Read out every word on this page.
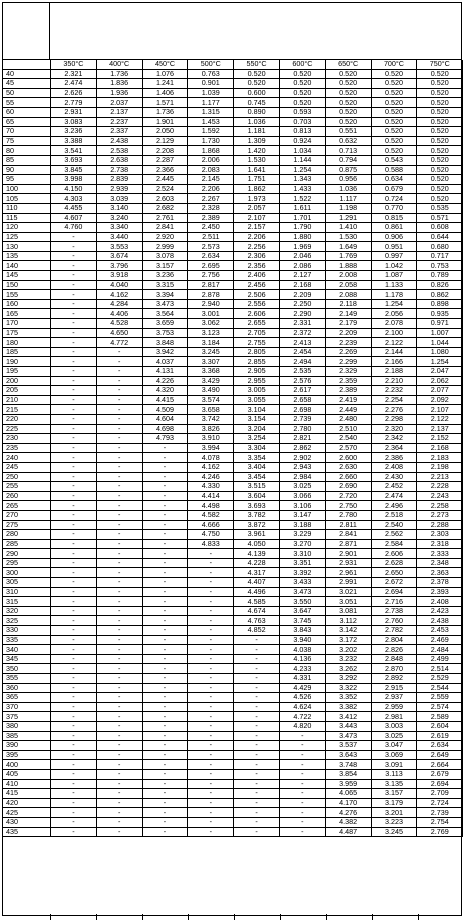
	350°C	400°C	450°C	500°C	550°C	600°C	650°C	700°C	750°C
40	2.321	1.736	1.076	0.763	0.520	0.520	0.520	0.520	0.520
45	2.474	1.836	1.241	0.901	0.520	0.520	0.520	0.520	0.520
50	2.626	1.936	1.406	1.039	0.600	0.520	0.520	0.520	0.520
55	2.779	2.037	1.571	1.177	0.745	0.520	0.520	0.520	0.520
60	2.931	2.137	1.736	1.315	0.890	0.593	0.520	0.520	0.520
65	3.083	2.237	1.901	1.453	1.036	0.703	0.520	0.520	0.520
70	3.236	2.337	2.050	1.592	1.181	0.813	0.551	0.520	0.520
75	3.388	2.438	2.129	1.730	1.309	0.924	0.632	0.520	0.520
80	3.541	2.538	2.208	1.868	1.420	1.034	0.713	0.520	0.520
85	3.693	2.638	2.287	2.006	1.530	1.144	0.794	0.543	0.520
90	3.845	2.738	2.366	2.083	1.641	1.254	0.875	0.588	0.520
95	3.998	2.839	2.445	2.145	1.751	1.343	0.956	0.634	0.520
100	4.150	2.939	2.524	2.206	1.862	1.433	1.036	0.679	0.520
105	4.303	3.039	2.603	2.267	1.973	1.522	1.117	0.724	0.520
110	4.455	3.140	2.682	2.328	2.057	1.611	1.198	0.770	0.535
115	4.607	3.240	2.761	2.389	2.107	1.701	1.291	0.815	0.571
120	4.760	3.340	2.841	2.450	2.157	1.790	1.410	0.861	0.608
125	-	3.440	2.920	2.511	2.206	1.880	1.530	0.906	0.644
130	-	3.553	2.999	2.573	2.256	1.969	1.649	0.951	0.680
135	-	3.674	3.078	2.634	2.306	2.046	1.769	0.997	0.717
140	-	3.796	3.157	2.695	2.356	2.086	1.888	1.042	0.753
145	-	3.918	3.236	2.756	2.406	2.127	2.008	1.087	0.789
150	-	4.040	3.315	2.817	2.456	2.168	2.058	1.133	0.826
155	-	4.162	3.394	2.878	2.506	2.209	2.088	1.178	0.862
160	-	4.284	3.473	2.940	2.556	2.250	2.118	1.254	0.898
165	-	4.406	3.564	3.001	2.606	2.290	2.149	2.056	0.935
170	-	4.528	3.659	3.062	2.655	2.331	2.179	2.078	0.971
175	-	4.650	3.753	3.123	2.705	2.372	2.209	2.100	1.007
180	-	4.772	3.848	3.184	2.755	2.413	2.239	2.122	1.044
185	-	-	3.942	3.245	2.805	2.454	2.269	2.144	1.080
190	-	-	4.037	3.307	2.855	2.494	2.299	2.166	1.254
195	-	-	4.131	3.368	2.905	2.535	2.329	2.188	2.047
200	-	-	4.226	3.429	2.955	2.576	2.359	2.210	2.062
205	-	-	4.320	3.490	3.005	2.617	2.389	2.232	2.077
210	-	-	4.415	3.574	3.055	2.658	2.419	2.254	2.092
215	-	-	4.509	3.658	3.104	2.698	2.449	2.276	2.107
220	-	-	4.604	3.742	3.154	2.739	2.480	2.298	2.122
225	-	-	4.698	3.826	3.204	2.780	2.510	2.320	2.137
230	-	-	4.793	3.910	3.254	2.821	2.540	2.342	2.152
235	-	-	-	3.994	3.304	2.862	2.570	2.364	2.168
240	-	-	-	4.078	3.354	2.902	2.600	2.386	2.183
245	-	-	-	4.162	3.404	2.943	2.630	2.408	2.198
250	-	-	-	4.246	3.454	2.984	2.660	2.430	2.213
255	-	-	-	4.330	3.515	3.025	2.690	2.452	2.228
260	-	-	-	4.414	3.604	3.066	2.720	2.474	2.243
265	-	-	-	4.498	3.693	3.106	2.750	2.496	2.258
270	-	-	-	4.582	3.782	3.147	2.780	2.518	2.273
275	-	-	-	4.666	3.872	3.188	2.811	2.540	2.288
280	-	-	-	4.750	3.961	3.229	2.841	2.562	2.303
285	-	-	-	4.833	4.050	3.270	2.871	2.584	2.318
290	-	-	-	-	4.139	3.310	2.901	2.606	2.333
295	-	-	-	-	4.228	3.351	2.931	2.628	2.348
300	-	-	-	-	4.317	3.392	2.961	2.650	2.363
305	-	-	-	-	4.407	3.433	2.991	2.672	2.378
310	-	-	-	-	4.496	3.473	3.021	2.694	2.393
315	-	-	-	-	4.585	3.550	3.051	2.716	2.408
320	-	-	-	-	4.674	3.647	3.081	2.738	2.423
325	-	-	-	-	4.763	3.745	3.112	2.760	2.438
330	-	-	-	-	4.852	3.843	3.142	2.782	2.453
335	-	-	-	-	-	3.940	3.172	2.804	2.469
340	-	-	-	-	-	4.038	3.202	2.826	2.484
345	-	-	-	-	-	4.136	3.232	2.848	2.499
350	-	-	-	-	-	4.233	3.262	2.870	2.514
355	-	-	-	-	-	4.331	3.292	2.892	2.529
360	-	-	-	-	-	4.429	3.322	2.915	2.544
365	-	-	-	-	-	4.526	3.352	2.937	2.559
370	-	-	-	-	-	4.624	3.382	2.959	2.574
375	-	-	-	-	-	4.722	3.412	2.981	2.589
380	-	-	-	-	-	4.820	3.443	3.003	2.604
385	-	-	-	-	-	-	3.473	3.025	2.619
390	-	-	-	-	-	-	3.537	3.047	2.634
395	-	-	-	-	-	-	3.643	3.069	2.649
400	-	-	-	-	-	-	3.748	3.091	2.664
405	-	-	-	-	-	-	3.854	3.113	2.679
410	-	-	-	-	-	-	3.959	3.135	2.694
415	-	-	-	-	-	-	4.065	3.157	2.709
420	-	-	-	-	-	-	4.170	3.179	2.724
425	-	-	-	-	-	-	4.276	3.201	2.739
430	-	-	-	-	-	-	4.382	3.223	2.754
435	-	-	-	-	-	-	4.487	3.245	2.769
